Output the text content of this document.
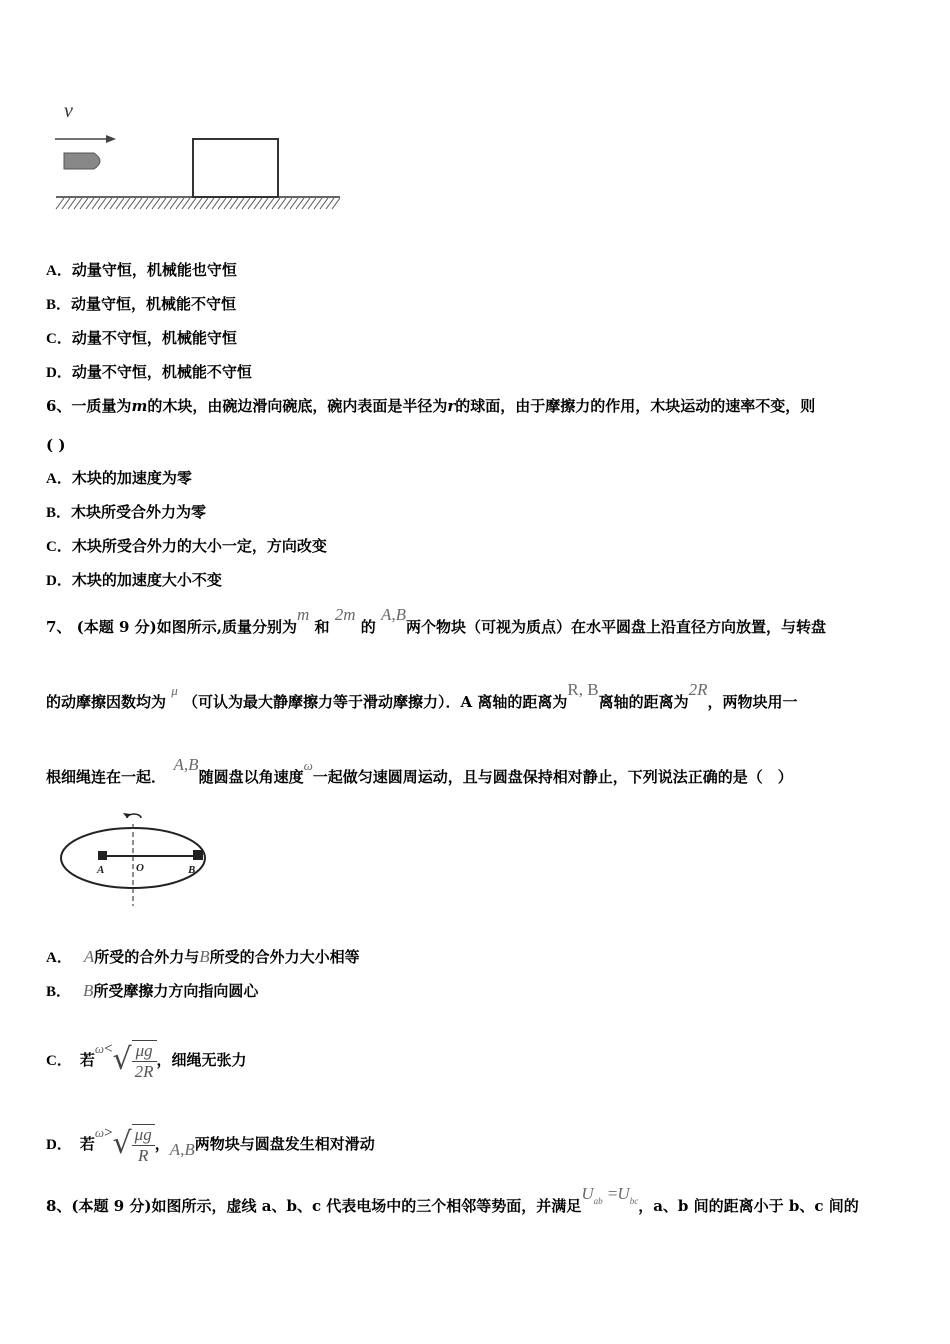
v
A．动量守恒，机械能也守恒
B．动量守恒，机械能不守恒
C．动量不守恒，机械能守恒
D．动量不守恒，机械能不守恒
6、一质量为m的木块，由碗边滑向碗底，碗内表面是半径为r的球面，由于摩擦力的作用，木块运动的速率不变，则
( )
A．木块的加速度为零
B．木块所受合外力为零
C．木块所受合外力的大小一定，方向改变
D．木块的加速度大小不变
7、 (本题 9 分)如图所示,质量分别为m 和 2m 的 A,B两个物块（可视为质点）在水平圆盘上沿直径方向放置，与转盘
的动摩擦因数均为 μ （可认为最大静摩擦力等于滑动摩擦力）．A 离轴的距离为R, B离轴的距离为2R，两物块用一
根细绳连在一起．　A,B随圆盘以角速度ω一起做匀速圆周运动，且与圆盘保持相对静止，下列说法正确的是（　）
A	O	B
A． A所受的合外力与B所受的合外力大小相等
B． B所受摩擦力方向指向圆心
C． 若$\omega<√ \frac{\mu g}{2R}$ ，细绳无张力
D． 若$\omega>√ \frac{\mu g}{R}$ ，A,B两物块与圆盘发生相对滑动
8、(本题 9 分)如图所示，虚线 a、b、c 代表电场中的三个相邻等势面，并满足$U^{ab} =U^{bc}$，a、b 间的距离小于 b、c 间的
